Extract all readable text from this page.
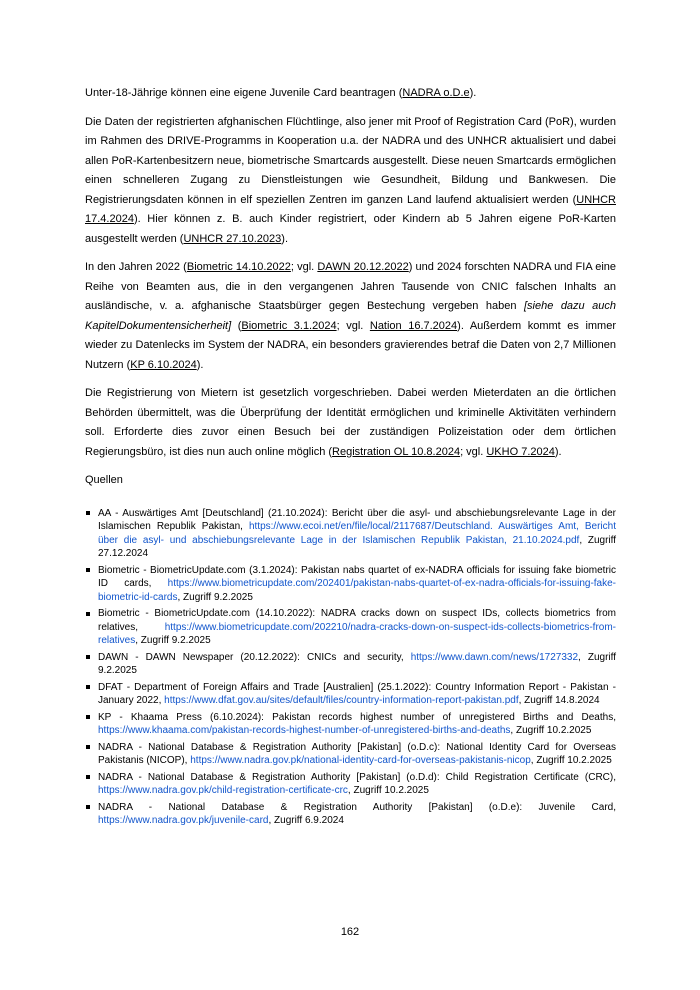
Unter-18-Jährige können eine eigene Juvenile Card beantragen (NADRA o.D.e).

Die Daten der registrierten afghanischen Flüchtlinge, also jener mit Proof of Registration Card (PoR), wurden im Rahmen des DRIVE-Programms in Kooperation u.a. der NADRA und des UNHCR aktualisiert und dabei allen PoR-Kartenbesitzern neue, biometrische Smartcards ausgestellt. Diese neuen Smartcards ermöglichen einen schnelleren Zugang zu Dienstleistungen wie Gesundheit, Bildung und Bankwesen. Die Registrierungsdaten können in elf speziellen Zentren im ganzen Land laufend aktualisiert werden (UNHCR 17.4.2024). Hier können z. B. auch Kinder registriert, oder Kindern ab 5 Jahren eigene PoR-Karten ausgestellt werden (UNHCR 27.10.2023).

In den Jahren 2022 (Biometric 14.10.2022; vgl. DAWN 20.12.2022) und 2024 forschten NADRA und FIA eine Reihe von Beamten aus, die in den vergangenen Jahren Tausende von CNIC falschen Inhalts an ausländische, v. a. afghanische Staatsbürger gegen Bestechung vergeben haben [siehe dazu auch KapitelDokumentensicherheit] (Biometric 3.1.2024; vgl. Nation 16.7.2024). Außerdem kommt es immer wieder zu Datenlecks im System der NADRA, ein besonders gravierendes betraf die Daten von 2,7 Millionen Nutzern (KP 6.10.2024).

Die Registrierung von Mietern ist gesetzlich vorgeschrieben. Dabei werden Mieterdaten an die örtlichen Behörden übermittelt, was die Überprüfung der Identität ermöglichen und kriminelle Aktivitäten verhindern soll. Erforderte dies zuvor einen Besuch bei der zuständigen Polizeistation oder dem örtlichen Regierungsbüro, ist dies nun auch online möglich (Registration OL 10.8.2024; vgl. UKHO 7.2024).

Quellen

AA - Auswärtiges Amt [Deutschland] (21.10.2024): Bericht über die asyl- und abschiebungsrelevante Lage in der Islamischen Republik Pakistan, https://www.ecoi.net/en/file/local/2117687/Deutschland. Auswärtiges Amt, Bericht über die asyl- und abschiebungsrelevante Lage in der Islamischen Republik Pakistan, 21.10.2024.pdf, Zugriff 27.12.2024
Biometric - BiometricUpdate.com (3.1.2024): Pakistan nabs quartet of ex-NADRA officials for issuing fake biometric ID cards, https://www.biometricupdate.com/202401/pakistan-nabs-quartet-of-ex-nadra-officials-for-issuing-fake-biometric-id-cards, Zugriff 9.2.2025
Biometric - BiometricUpdate.com (14.10.2022): NADRA cracks down on suspect IDs, collects biometrics from relatives, https://www.biometricupdate.com/202210/nadra-cracks-down-on-suspect-ids-collects-biometrics-from-relatives, Zugriff 9.2.2025
DAWN - DAWN Newspaper (20.12.2022): CNICs and security, https://www.dawn.com/news/1727332, Zugriff 9.2.2025
DFAT - Department of Foreign Affairs and Trade [Australien] (25.1.2022): Country Information Report - Pakistan - January 2022, https://www.dfat.gov.au/sites/default/files/country-information-report-pakistan.pdf, Zugriff 14.8.2024
KP - Khaama Press (6.10.2024): Pakistan records highest number of unregistered Births and Deaths, https://www.khaama.com/pakistan-records-highest-number-of-unregistered-births-and-deaths, Zugriff 10.2.2025
NADRA - National Database & Registration Authority [Pakistan] (o.D.c): National Identity Card for Overseas Pakistanis (NICOP), https://www.nadra.gov.pk/national-identity-card-for-overseas-pakistanis-nicop, Zugriff 10.2.2025
NADRA - National Database & Registration Authority [Pakistan] (o.D.d): Child Registration Certificate (CRC), https://www.nadra.gov.pk/child-registration-certificate-crc, Zugriff 10.2.2025
NADRA - National Database & Registration Authority [Pakistan] (o.D.e): Juvenile Card, https://www.nadra.gov.pk/juvenile-card, Zugriff 6.9.2024
162
